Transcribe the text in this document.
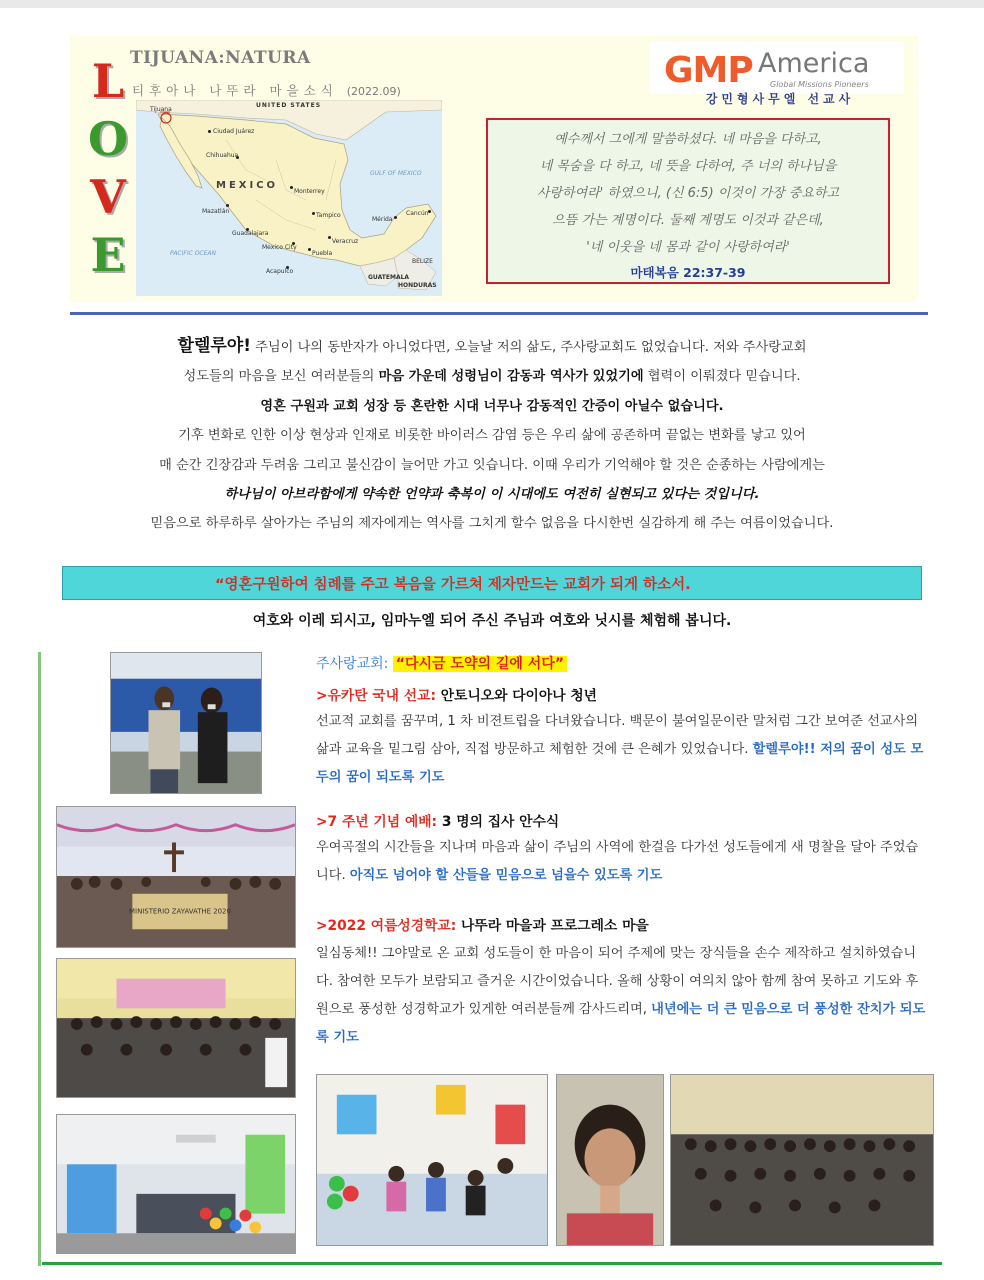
L
O
V
E
TIJUANA:NATURA
티후아나 나뚜라 마을소식 (2022.09)
UNITED STATES
Tijuana
Ciudad Juárez
Chihuahua
MEXICO
Monterrey
GULF OF MEXICO
Mazatlán
Tampico
Mérida
Cancún
Guadalajara
Veracruz
Mexico City
Puebla
BELIZE
PACIFIC OCEAN
Acapulco
GUATEMALA
HONDURAS
GMP America
Global Missions Pioneers
강민형사무엘 선교사
예수께서 그에게 말씀하셨다. 네 마음을 다하고,
네 목숨을 다 하고, 네 뜻을 다하여, 주 너의 하나님을
사랑하여라' 하였으니, (신 6:5) 이것이 가장 중요하고
으뜸 가는 계명이다. 둘째 계명도 이것과 같은데,
'네 이웃을 네 몸과 같이 사랑하여라'
마태복음 22:37-39
할렐루야! 주님이 나의 동반자가 아니었다면, 오늘날 저의 삶도, 주사랑교회도 없었습니다. 저와 주사랑교회
성도들의 마음을 보신 여러분들의 마음 가운데 성령님이 감동과 역사가 있었기에 협력이 이뤄졌다 믿습니다.
영혼 구원과 교회 성장 등 혼란한 시대 너무나 감동적인 간증이 아닐수 없습니다.
기후 변화로 인한 이상 현상과 인재로 비롯한 바이러스 감염 등은 우리 삶에 공존하며 끝없는 변화를 낳고 있어
매 순간 긴장감과 두려움 그리고 불신감이 늘어만 가고 잇습니다. 이때 우리가 기억해야 할 것은 순종하는 사람에게는
하나님이 아브라함에게 약속한 언약과 축복이 이 시대에도 여전히 실현되고 있다는 것입니다.
믿음으로 하루하루 살아가는 주님의 제자에게는 역사를 그치게 할수 없음을 다시한번 실감하게 해 주는 여름이었습니다.
“영혼구원하여 침례를 주고 복음을 가르쳐 제자만드는 교회가 되게 하소서.
여호와 이레 되시고, 임마누엘 되어 주신 주님과 여호와 닛시를 체험해 봅니다.
MINISTERIO ZAYAVATHE 2020
주사랑교회: “다시금 도약의 길에 서다”
>유카탄 국내 선교: 안토니오와 다이아나 청년
선교적 교회를 꿈꾸며, 1 차 비젼트립을 다녀왔습니다. 백문이 불여일문이란 말처럼 그간 보여준 선교사의 삶과 교육을 밑그림 삼아, 직접 방문하고 체험한 것에 큰 은혜가 있었습니다. 할렐루야!! 저의 꿈이 성도 모두의 꿈이 되도록 기도
>7 주년 기념 예배: 3 명의 집사 안수식
우여곡절의 시간들을 지나며 마음과 삶이 주님의 사역에 한걸음 다가선 성도들에게 새 명찰을 달아 주었습니다. 아직도 넘어야 할 산들을 믿음으로 넘을수 있도록 기도
>2022 여름성경학교: 나뚜라 마을과 프로그레소 마을
일심동체!! 그야말로 온 교회 성도들이 한 마음이 되어 주제에 맞는 장식들을 손수 제작하고 설치하였습니다. 참여한 모두가 보람되고 즐거운 시간이었습니다. 올해 상황이 여의치 않아 함께 참여 못하고 기도와 후원으로 풍성한 성경학교가 있게한 여러분들께 감사드리며, 내년에는 더 큰 믿음으로 더 풍성한 잔치가 되도록 기도
